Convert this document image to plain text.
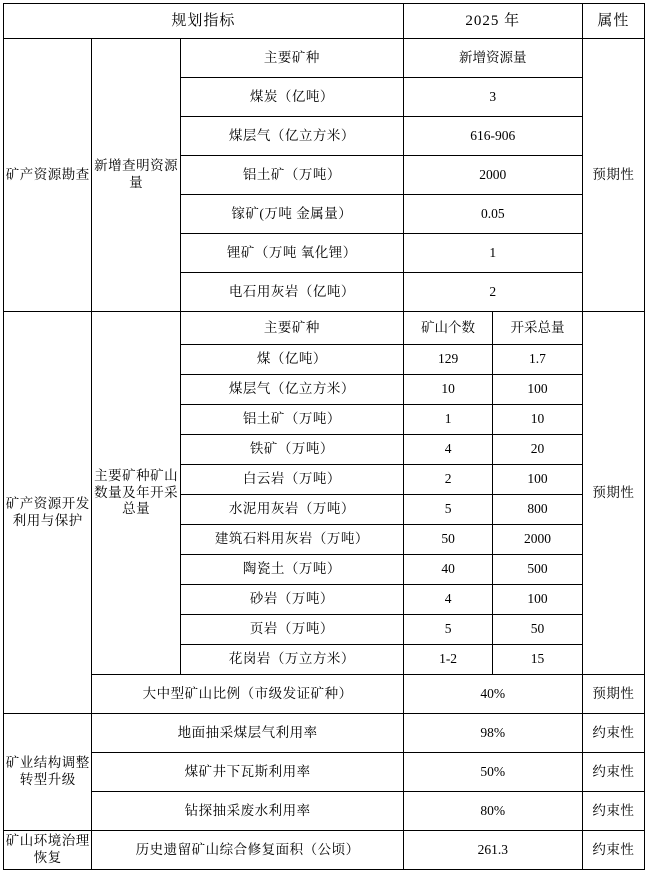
规划指标			2025 年		属性
矿产资源勘查	新增查明资源量	主要矿种	新增资源量		预期性
		煤炭（亿吨）	3		
		煤层气（亿立方米）	616-906		
		铝土矿（万吨）	2000		
		镓矿(万吨 金属量）	0.05		
		锂矿（万吨 氧化锂）	1		
		电石用灰岩（亿吨）	2		
矿产资源开发利用与保护	主要矿种矿山数量及年开采总量	主要矿种	矿山个数	开采总量	预期性
		煤（亿吨）	129	1.7	
		煤层气（亿立方米）	10	100	
		铝土矿（万吨）	1	10	
		铁矿（万吨）	4	20	
		白云岩（万吨）	2	100	
		水泥用灰岩（万吨）	5	800	
		建筑石料用灰岩（万吨）	50	2000	
		陶瓷土（万吨）	40	500	
		砂岩（万吨）	4	100	
		页岩（万吨）	5	50	
		花岗岩（万立方米）	1-2	15	
	大中型矿山比例（市级发证矿种）		40%		预期性
矿业结构调整转型升级	地面抽采煤层气利用率		98%		约束性
	煤矿井下瓦斯利用率		50%		约束性
	钻探抽采废水利用率		80%		约束性
矿山环境治理恢复	历史遗留矿山综合修复面积（公顷）		261.3		约束性
